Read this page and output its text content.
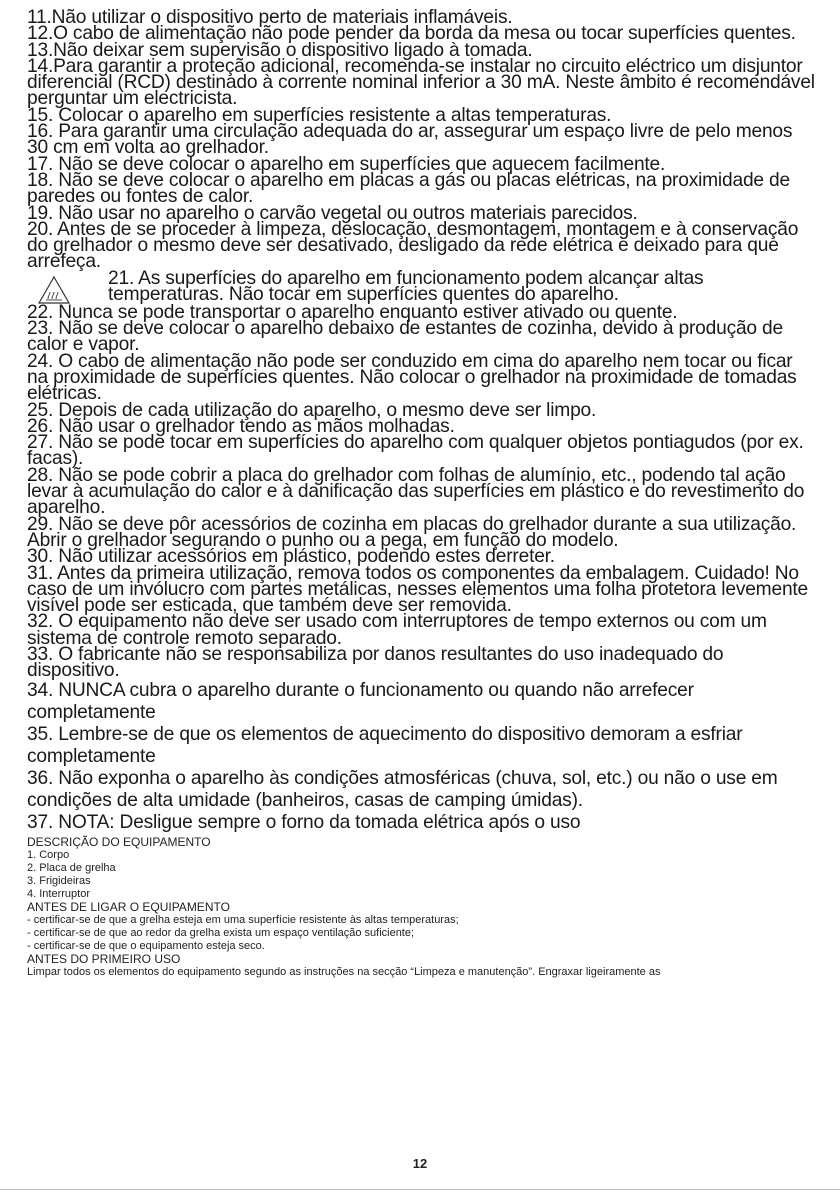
11.Não utilizar o dispositivo perto de materiais inflamáveis.

12.O cabo de alimentação não pode pender da borda da mesa ou tocar superfícies quentes.

13.Não deixar sem supervisão o dispositivo ligado à tomada.

14.Para garantir a proteção adicional, recomenda-se instalar no circuito eléctrico um disjuntor diferencial (RCD) destinado à corrente nominal inferior a 30 mA. Neste âmbito é recomendável perguntar um electricista.

15. Colocar o aparelho em superfícies resistente a altas temperaturas.

16. Para garantir uma circulação adequada do ar, assegurar um espaço livre de pelo menos 30 cm em volta ao grelhador.

17. Não se deve colocar o aparelho em superfícies que aquecem facilmente.

18. Não se deve colocar o aparelho em placas a gás ou placas elétricas, na proximidade de paredes ou fontes de calor.

19. Não usar no aparelho o carvão vegetal ou outros materiais parecidos.

20. Antes de se proceder à limpeza, deslocação, desmontagem, montagem e à conservação do grelhador o mesmo deve ser desativado, desligado da rede elétrica e deixado para que arrefeça.

21. As superfícies do aparelho em funcionamento podem alcançar altas temperaturas. Não tocar em superfícies quentes do aparelho.

22. Nunca se pode transportar o aparelho enquanto estiver ativado ou quente.

23. Não se deve colocar o aparelho debaixo de estantes de cozinha, devido à produção de calor e vapor.

24. O cabo de alimentação não pode ser conduzido em cima do aparelho nem tocar ou ficar na proximidade de superfícies quentes. Não colocar o grelhador na proximidade de tomadas elétricas.

25. Depois de cada utilização do aparelho, o mesmo deve ser limpo.

26. Não usar o grelhador tendo as mãos molhadas.

27. Não se pode tocar em superfícies do aparelho com qualquer objetos pontiagudos (por ex. facas).

28. Não se pode cobrir a placa do grelhador com folhas de alumínio, etc., podendo tal ação levar à acumulação do calor e à danificação das superfícies em plástico e do revestimento do aparelho.

29. Não se deve pôr acessórios de cozinha em placas do grelhador durante a sua utilização. Abrir o grelhador segurando o punho ou a pega, em função do modelo.

30. Não utilizar acessórios em plástico, podendo estes derreter.

31. Antes da primeira utilização, remova todos os componentes da embalagem. Cuidado! No caso de um invólucro com partes metálicas, nesses elementos uma folha protetora levemente visível pode ser esticada, que também deve ser removida.

32. O equipamento não deve ser usado com interruptores de tempo externos ou com um sistema de controle remoto separado.

33. O fabricante não se responsabiliza por danos resultantes do uso inadequado do dispositivo.

34. NUNCA cubra o aparelho durante o funcionamento ou quando não arrefecer completamente

35. Lembre-se de que os elementos de aquecimento do dispositivo demoram a esfriar completamente

36. Não exponha o aparelho às condições atmosféricas (chuva, sol, etc.) ou não o use em condições de alta umidade (banheiros, casas de camping úmidas).

37. NOTA: Desligue sempre o forno da tomada elétrica após o uso

DESCRIÇÃO DO EQUIPAMENTO

1. Corpo

2. Placa de grelha

3. Frigideiras

4. Interruptor

ANTES DE LIGAR O EQUIPAMENTO

- certificar-se de que a grelha esteja em uma superfície resistente às altas temperaturas;

- certificar-se de que ao redor da grelha exista um espaço ventilação suficiente;

- certificar-se de que o equipamento esteja seco.

ANTES DO PRIMEIRO USO

Limpar todos os elementos do equipamento segundo as instruções na secção “Limpeza e manutenção”. Engraxar ligeiramente as

12
